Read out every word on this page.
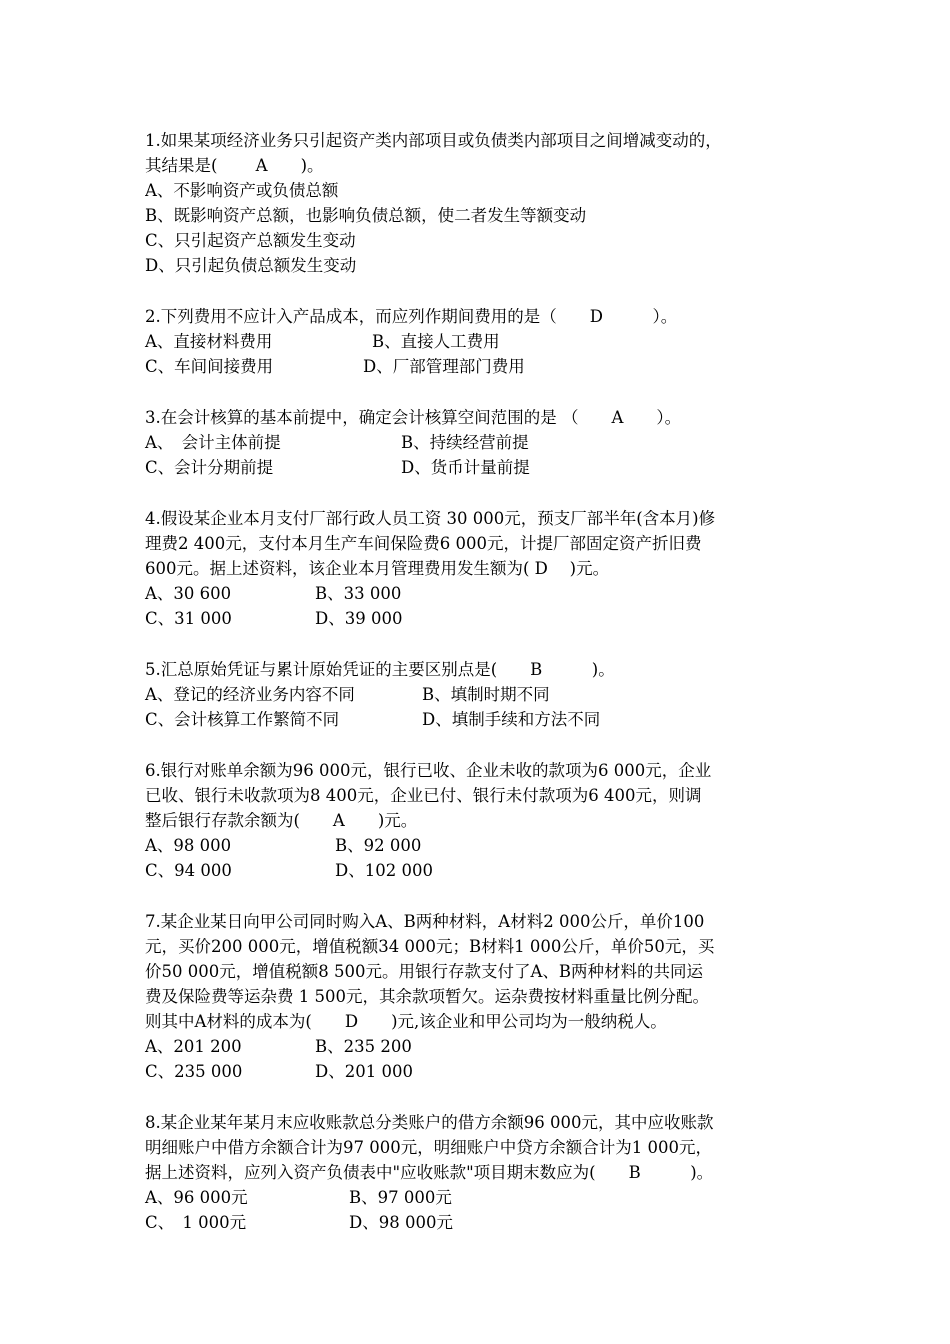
1.如果某项经济业务只引起资产类内部项目或负债类内部项目之间增减变动的，
其结果是(　　 A　　)。
A、不影响资产或负债总额
B、既影响资产总额，也影响负债总额，使二者发生等额变动
C、只引起资产总额发生变动
D、只引起负债总额发生变动
2.下列费用不应计入产品成本，而应列作期间费用的是（　　D　　　）。
A、直接材料费用	B、直接人工费用
C、车间间接费用	D、厂部管理部门费用
3.在会计核算的基本前提中，确定会计核算空间范围的是 （　　A　　）。
A、　会计主体前提	B、持续经营前提
C、会计分期前提	D、货币计量前提
4.假设某企业本月支付厂部行政人员工资 30 000元，预支厂部半年(含本月)修
理费2 400元，支付本月生产车间保险费6 000元，计提厂部固定资产折旧费
600元。据上述资料，该企业本月管理费用发生额为( D　 )元。
A、30 600	B、33 000
C、31 000	D、39 000
5.汇总原始凭证与累计原始凭证的主要区别点是(　　B　　　)。
A、登记的经济业务内容不同	B、填制时期不同
C、会计核算工作繁简不同	D、填制手续和方法不同
6.银行对账单余额为96 000元，银行已收、企业未收的款项为6 000元，企业
已收、银行未收款项为8 400元，企业已付、银行未付款项为6 400元，则调
整后银行存款余额为(　　A　　)元。
A、98 000	B、92 000
C、94 000	D、102 000
7.某企业某日向甲公司同时购入A、B两种材料，A材料2 000公斤，单价100
元，买价200 000元，增值税额34 000元；B材料1 000公斤，单价50元，买
价50 000元，增值税额8 500元。用银行存款支付了A、B两种材料的共同运
费及保险费等运杂费 1 500元，其余款项暂欠。运杂费按材料重量比例分配。
则其中A材料的成本为(　　D　　)元,该企业和甲公司均为一般纳税人。
A、201 200	B、235 200
C、235 000	D、201 000
8.某企业某年某月末应收账款总分类账户的借方余额96 000元，其中应收账款
明细账户中借方余额合计为97 000元，明细账户中贷方余额合计为1 000元，
据上述资料，应列入资产负债表中"应收账款"项目期末数应为(　　B　　　)。
A、96 000元	B、97 000元
C、　1 000元	D、98 000元
